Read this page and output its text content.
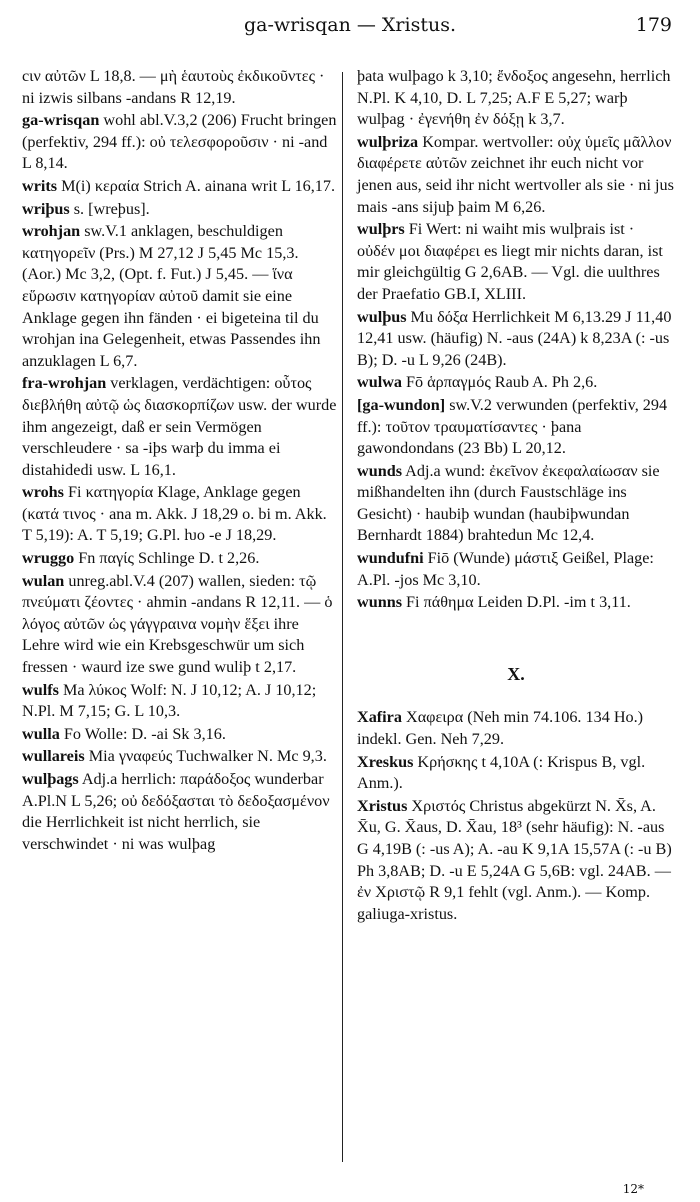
ga-wrisqan — Xristus.	179

cιν αὐτῶν L 18,8. — μὴ ἑαυτοὺς ἐκδικοῦντες · ni izwis silbans -andans R 12,19.

ga-wrisqan wohl abl.V.3,2 (206) Frucht bringen (perfektiv, 294 ff.): οὐ τελεσφοροῦσιν · ni -and L 8,14.

writs M(i) κεραία Strich A. ainana writ L 16,17.

wriþus s. [wreþus].

wrohjan sw.V.1 anklagen, beschuldigen κατηγορεῖν (Prs.) M 27,12 J 5,45 Mc 15,3. (Aor.) Mc 3,2, (Opt. f. Fut.) J 5,45. — ἵνα εὕρωσιν κατηγορίαν αὐτοῦ damit sie eine Anklage gegen ihn fänden · ei bigeteina til du wrohjan ina Gelegenheit, etwas Passendes ihn anzuklagen L 6,7.

fra-wrohjan verklagen, verdächtigen: οὗτος διεβλήθη αὐτῷ ὡς διασκορπίζων usw. der wurde ihm angezeigt, daß er sein Vermögen verschleudere · sa -iþs warþ du imma ei distahidedi usw. L 16,1.

wrohs Fi κατηγορία Klage, Anklage gegen (κατά τινος · ana m. Akk. J 18,29 o. bi m. Akk. T 5,19): A. T 5,19; G.Pl. ƕo -e J 18,29.

wruggo Fn παγίς Schlinge D. t 2,26.

wulan unreg.abl.V.4 (207) wallen, sieden: τῷ πνεύματι ζέοντες · ahmin -andans R 12,11. — ὁ λόγος αὐτῶν ὡς γάγγραινα νομὴν ἕξει ihre Lehre wird wie ein Krebsgeschwür um sich fressen · waurd ize swe gund wuliþ t 2,17.

wulfs Ma λύκος Wolf: N. J 10,12; A. J 10,12; N.Pl. M 7,15; G. L 10,3.

wulla Fo Wolle: D. -ai Sk 3,16.

wullareis Mia γναφεύς Tuchwalker N. Mc 9,3.

wulþags Adj.a herrlich: παράδοξος wunderbar A.Pl.N L 5,26; οὐ δεδόξασται τὸ δεδοξασμένον die Herrlichkeit ist nicht herrlich, sie verschwindet · ni was wulþag

þata wulþago k 3,10; ἔνδοξος angesehn, herrlich N.Pl. K 4,10, D. L 7,25; A.F E 5,27; warþ wulþag · ἐγενήθη ἐν δόξῃ k 3,7.

wulþriza Kompar. wertvoller: οὐχ ὑμεῖς μᾶλλον διαφέρετε αὐτῶν zeichnet ihr euch nicht vor jenen aus, seid ihr nicht wertvoller als sie · ni jus mais -ans sijuþ þaim M 6,26.

wulþrs Fi Wert: ni waiht mis wulþrais ist · οὐδέν μοι διαφέρει es liegt mir nichts daran, ist mir gleichgültig G 2,6AB. — Vgl. die uulthres der Praefatio GB.I, XLIII.

wulþus Mu δόξα Herrlichkeit M 6,13.29 J 11,40 12,41 usw. (häufig) N. -aus (24A) k 8,23A (: -us B); D. -u L 9,26 (24B).

wulwa Fō ἁρπαγμός Raub A. Ph 2,6.

[ga-wundon] sw.V.2 verwunden (perfektiv, 294 ff.): τοῦτον τραυματίσαντες · þana gawondondans (23 Bb) L 20,12.

wunds Adj.a wund: ἐκεῖνον ἐκεφαλαίωσαν sie mißhandelten ihn (durch Faustschläge ins Gesicht) · haubiþ wundan (haubiþwundan Bernhardt 1884) brahtedun Mc 12,4.

wundufni Fiō (Wunde) μάστιξ Geißel, Plage: A.Pl. -jos Mc 3,10.

wunns Fi πάθημα Leiden D.Pl. -im t 3,11.

X.

Xafira Χαφειρα (Neh min 74.106. 134 Ho.) indekl. Gen. Neh 7,29.

Xreskus Κρήσκης t 4,10A (: Krispus B, vgl. Anm.).

Xristus Χριστός Christus abgekürzt N. X̄s, A. X̄u, G. X̄aus, D. X̄au, 18³ (sehr häufig): N. -aus G 4,19B (: -us A); A. -au K 9,1A 15,57A (: -u B) Ph 3,8AB; D. -u E 5,24A G 5,6B: vgl. 24AB. — ἐν Χριστῷ R 9,1 fehlt (vgl. Anm.). — Komp. galiuga-xristus.

12*
